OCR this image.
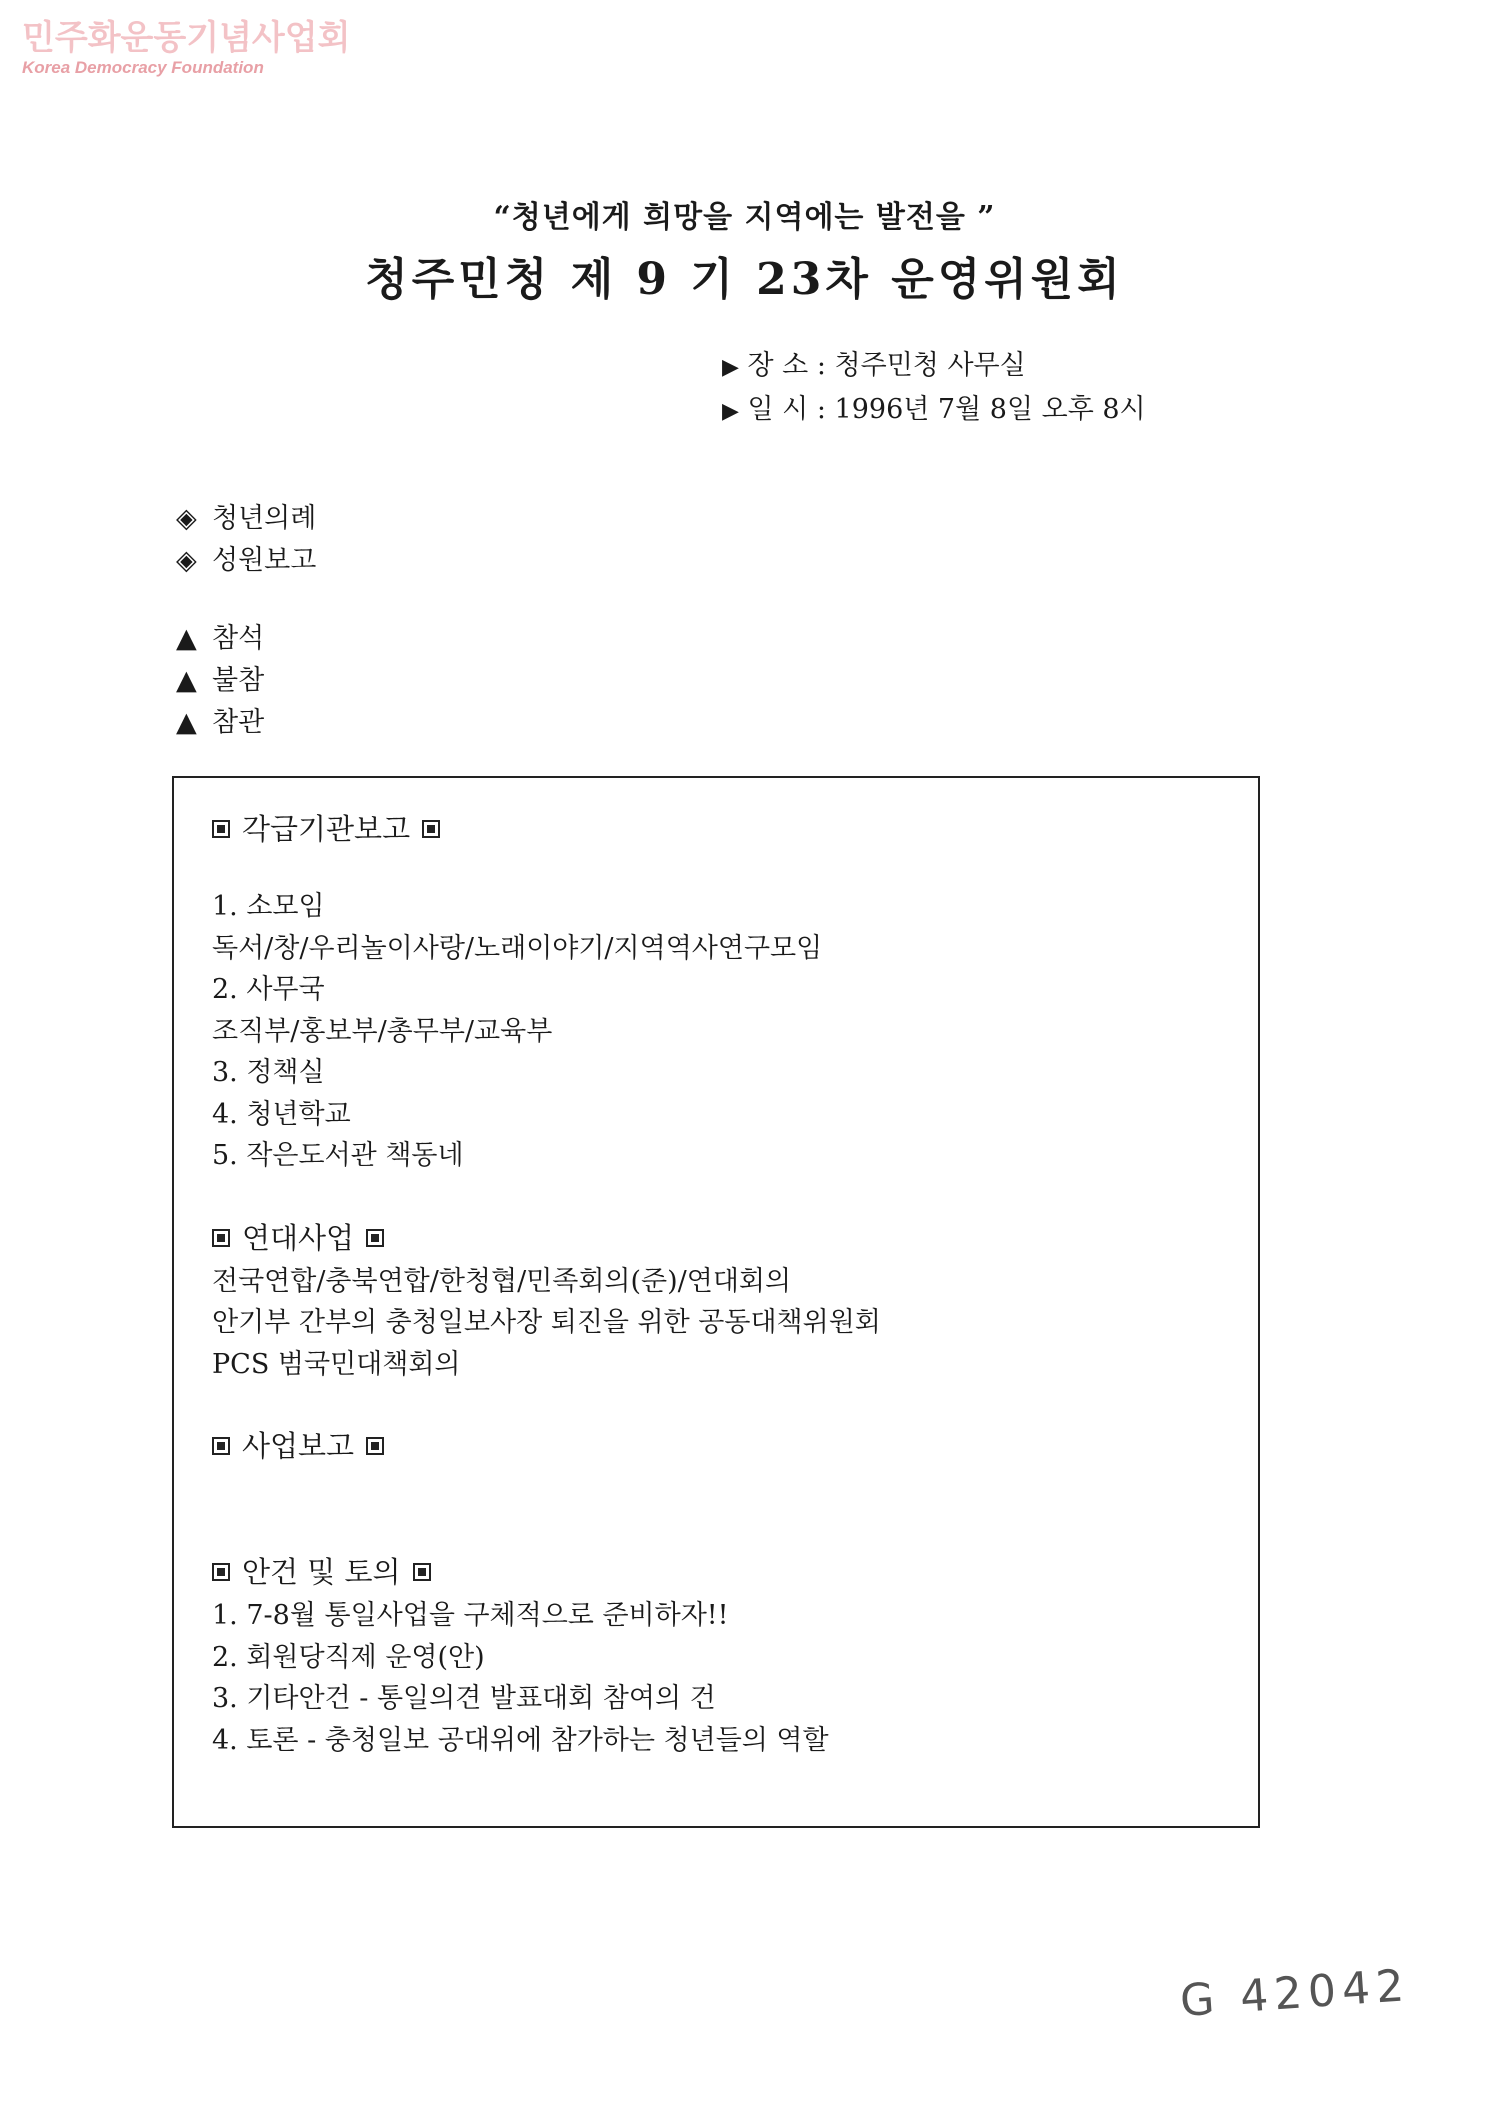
민주화운동기념사업회
Korea Democracy Foundation
“청년에게 희망을 지역에는 발전을 ”
청주민청 제 9 기 23차 운영위원회
▶ 장 소 : 청주민청 사무실
▶ 일 시 : 1996년 7월 8일 오후 8시
◈ 청년의례
◈ 성원보고
▲ 참석
▲ 불참
▲ 참관
각급기관보고
1. 소모임
독서/창/우리놀이사랑/노래이야기/지역역사연구모임
2. 사무국
조직부/홍보부/총무부/교육부
3. 정책실
4. 청년학교
5. 작은도서관 책동네
연대사업
전국연합/충북연합/한청협/민족회의(준)/연대회의
안기부 간부의 충청일보사장 퇴진을 위한 공동대책위원회
PCS 범국민대책회의
사업보고
안건 및 토의
1. 7-8월 통일사업을 구체적으로 준비하자!!
2. 회원당직제 운영(안)
3. 기타안건 - 통일의견 발표대회 참여의 건
4. 토론 - 충청일보 공대위에 참가하는 청년들의 역할
G 42042
